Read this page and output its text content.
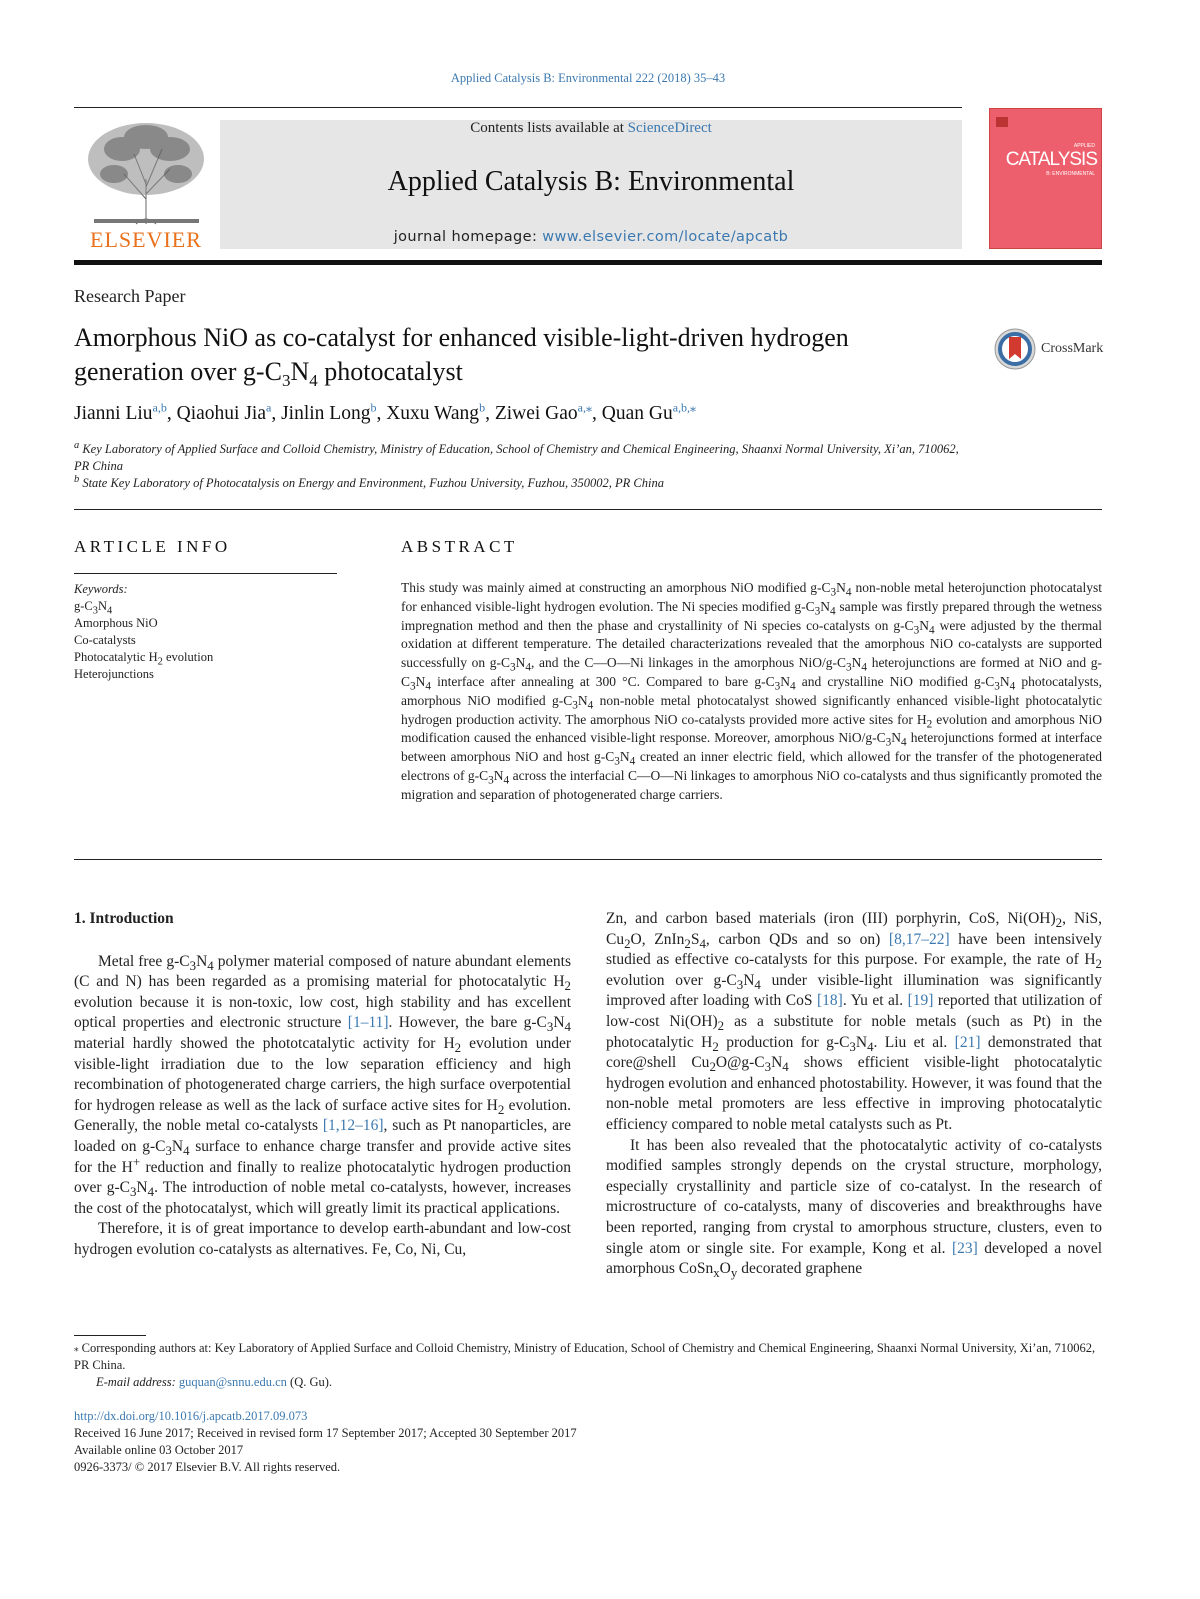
Applied Catalysis B: Environmental 222 (2018) 35–43
ELSEVIER
Contents lists available at ScienceDirect
Applied Catalysis B: Environmental
journal homepage: www.elsevier.com/locate/apcatb
APPLIED
CATALYSIS
B: ENVIRONMENTAL
Research Paper
Amorphous NiO as co-catalyst for enhanced visible-light-driven hydrogen
generation over $g-C_3N_4$ photocatalyst
CrossMark
Jianni Liu$^{a,b}$, Qiaohui Jia$^a$, Jinlin Long$^b$, Xuxu Wang$^b$, Ziwei Gao$^{a,⁎}$, Quan $Gu^{a,b,⁎}$
$^a$ Key Laboratory of Applied Surface and Colloid Chemistry, Ministry of Education, School of Chemistry and Chemical Engineering, Shaanxi Normal University, Xi’an, 710062, PR China
$^b$ State Key Laboratory of Photocatalysis on Energy and Environment, Fuzhou University, Fuzhou, 350002, PR China
ARTICLE INFO	ABSTRACT
Keywords:
$g-C_3N_4$
Amorphous NiO
Co-catalysts
Photocatalytic $H_2$ evolution
Heterojunctions
This study was mainly aimed at constructing an amorphous NiO modified $g-C_3N_4$ non-noble metal heterojunction photocatalyst for enhanced visible-light hydrogen evolution. The Ni species modified $g-C_3N_4$ sample was firstly prepared through the wetness impregnation method and then the phase and crystallinity of Ni species co-catalysts on $g-C_3N_4$ were adjusted by the thermal oxidation at different temperature. The detailed characterizations revealed that the amorphous NiO co-catalysts are supported successfully on $g-C_3N_4$, and the C—O—Ni linkages in the amorphous NiO/$g-C_3N_4$ heterojunctions are formed at NiO and $g-C_3N_4$ interface after annealing at 300 °C. Compared to bare $g-C_3N_4$ and crystalline NiO modified $g-C_3N_4$ photocatalysts, amorphous NiO modified $g-C_3N_4$ non-noble metal photocatalyst showed significantly enhanced visible-light photocatalytic hydrogen production activity. The amorphous NiO co-catalysts provided more active sites for $H_2$ evolution and amorphous NiO modification caused the enhanced visible-light response. Moreover, amorphous NiO/$g-C_3N_4$ heterojunctions formed at interface between amorphous NiO and host $g-C_3N_4$ created an inner electric field, which allowed for the transfer of the photogenerated electrons of $g-C_3N_4$ across the interfacial C—O—Ni linkages to amorphous NiO co-catalysts and thus significantly promoted the migration and separation of photogenerated charge carriers.

1. Introduction

Metal free $g-C_3N_4$ polymer material composed of nature abundant elements (C and N) has been regarded as a promising material for photocatalytic $H_2$ evolution because it is non-toxic, low cost, high stability and has excellent optical properties and electronic structure [1–11]. However, the bare $g-C_3N_4$ material hardly showed the phototcatalytic activity for $H_2$ evolution under visible-light irradiation due to the low separation efficiency and high recombination of photogenerated charge carriers, the high surface overpotential for hydrogen release as well as the lack of surface active sites for $H_2$ evolution. Generally, the noble metal co-catalysts [1,12–16], such as Pt nanoparticles, are loaded on $g-C_3N_4$ surface to enhance charge transfer and provide active sites for the H+ reduction and finally to realize photocatalytic hydrogen production over $g-C_3N_4$. The introduction of noble metal co-catalysts, however, increases the cost of the photocatalyst, which will greatly limit its practical applications.

Therefore, it is of great importance to develop earth-abundant and low-cost hydrogen evolution co-catalysts as alternatives. Fe, Co, Ni, Cu,

Zn, and carbon based materials (iron (III) porphyrin, CoS, $Ni(OH)_2$, NiS, $Cu_2O$, $ZnIn_2S_4$, carbon QDs and so on) [8,17–22] have been intensively studied as effective co-catalysts for this purpose. For example, the rate of $H_2$ evolution over $g-C_3N_4$ under visible-light illumination was significantly improved after loading with CoS [18]. Yu et al. [19] reported that utilization of low-cost $Ni(OH)_2$ as a substitute for noble metals (such as Pt) in the photocatalytic $H_2$ production for $g-C_3N_4$. Liu et al. [21] demonstrated that core@shell $Cu_2O@g-C_3N_4$ shows efficient visible-light photocatalytic hydrogen evolution and enhanced photostability. However, it was found that the non-noble metal promoters are less effective in improving photocatalytic efficiency compared to noble metal catalysts such as Pt.

It has been also revealed that the photocatalytic activity of co-catalysts modified samples strongly depends on the crystal structure, morphology, especially crystallinity and particle size of co-catalyst. In the research of microstructure of co-catalysts, many of discoveries and breakthroughs have been reported, ranging from crystal to amorphous structure, clusters, even to single atom or single site. For example, Kong et al. [23] developed a novel amorphous $CoSn_xO_y$ decorated graphene

⁎ Corresponding authors at: Key Laboratory of Applied Surface and Colloid Chemistry, Ministry of Education, School of Chemistry and Chemical Engineering, Shaanxi Normal University, Xi’an, 710062, PR China.
E-mail address: guquan@snnu.edu.cn (Q. Gu).
http://dx.doi.org/10.1016/j.apcatb.2017.09.073
Received 16 June 2017; Received in revised form 17 September 2017; Accepted 30 September 2017
Available online 03 October 2017
0926-3373/ © 2017 Elsevier B.V. All rights reserved.
